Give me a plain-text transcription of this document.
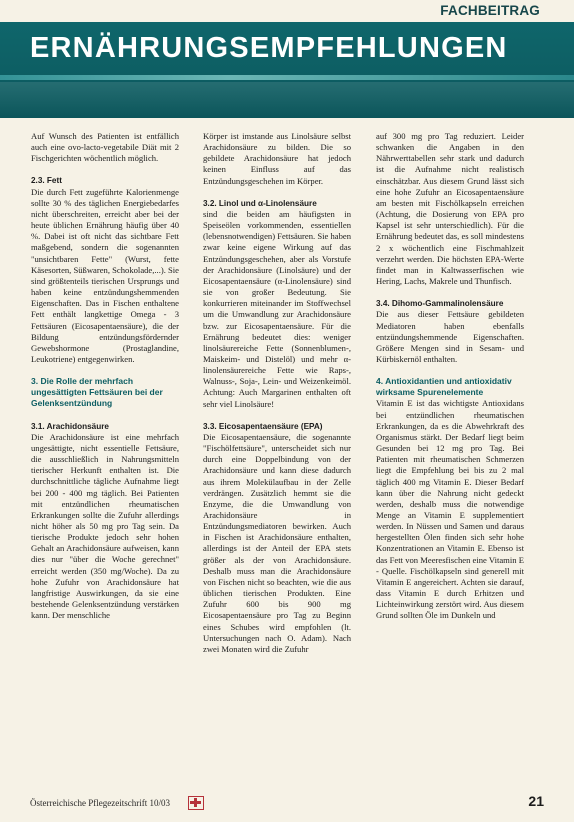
FACHBEITRAG
ERNÄHRUNGSEMPFEHLUNGEN

Auf Wunsch des Patienten ist entfällich auch eine ovo-lacto-vegetabile Diät mit 2 Fischgerichten wöchentlich möglich.

2.3. Fett

Die durch Fett zugeführte Kalorienmenge sollte 30 % des täglichen Energiebedarfes nicht überschreiten, erreicht aber bei der heute üblichen Ernährung häufig über 40 %. Dabei ist oft nicht das sichtbare Fett maßgebend, sondern die sogenannten "unsichtbaren Fette" (Wurst, fette Käsesorten, Süßwaren, Schokolade,...). Sie sind größtenteils tierischen Ursprungs und haben keine entzündungshemmenden Eigenschaften. Das in Fischen enthaltene Fett enthält langkettige Omega - 3 Fettsäuren (Eicosapentaensäure), die der Bildung entzündungsfördernder Gewebshormone (Prostaglandine, Leukotriene) entgegenwirken.

3. Die Rolle der mehrfach ungesättigten Fettsäuren bei der Gelenksentzündung
3.1. Arachidonsäure

Die Arachidonsäure ist eine mehrfach ungesättigte, nicht essentielle Fettsäure, die ausschließlich in Nahrungsmitteln tierischer Herkunft enthalten ist. Die durchschnittliche tägliche Aufnahme liegt bei 200 - 400 mg täglich. Bei Patienten mit entzündlichen rheumatischen Erkrankungen sollte die Zufuhr allerdings nicht höher als 50 mg pro Tag sein. Da tierische Produkte jedoch sehr hohen Gehalt an Arachidonsäure aufweisen, kann dies nur "über die Woche gerechnet" erreicht werden (350 mg/Woche). Da zu hohe Zufuhr von Arachidonsäure hat langfristige Auswirkungen, da sie eine bestehende Gelenksentzündung verstärken kann. Der menschliche

Körper ist imstande aus Linolsäure selbst Arachidonsäure zu bilden. Die so gebildete Arachidonsäure hat jedoch keinen Einfluss auf das Entzündungsgeschehen im Körper.

3.2. Linol und α-Linolensäure

sind die beiden am häufigsten in Speiseölen vorkommenden, essentiellen (lebensnotwendigen) Fettsäuren. Sie haben zwar keine eigene Wirkung auf das Entzündungsgeschehen, aber als Vorstufe der Arachidonsäure (Linolsäure) und der Eicosapentaensäure (α-Linolensäure) sind sie von großer Bedeutung. Sie konkurrieren miteinander im Stoffwechsel um die Umwandlung zur Arachidonsäure bzw. zur Eicosapentaensäure. Für die Ernährung bedeutet dies: weniger linolsäurereiche Fette (Sonnenblumen-, Maiskeim- und Distelöl) und mehr α-linolensäurereiche Fette wie Raps-, Walnuss-, Soja-, Lein- und Weizenkeimöl. Achtung: Auch Margarinen enthalten oft sehr viel Linolsäure!

3.3. Eicosapentaensäure (EPA)

Die Eicosapentaensäure, die sogenannte "Fischölfettsäure", unterscheidet sich nur durch eine Doppelbindung von der Arachidonsäure und kann diese dadurch aus ihrem Molekülaufbau in der Zelle verdrängen. Zusätzlich hemmt sie die Enzyme, die die Umwandlung von Arachidonsäure in Entzündungsmediatoren bewirken. Auch in Fischen ist Arachidonsäure enthalten, allerdings ist der Anteil der EPA stets größer als der von Arachidonsäure. Deshalb muss man die Arachidonsäure von Fischen nicht so beachten, wie die aus üblichen tierischen Produkten. Eine Zufuhr 600 bis 900 mg Eicosapentaensäure pro Tag zu Beginn eines Schubes wird empfohlen (lt. Untersuchungen nach O. Adam). Nach zwei Monaten wird die Zufuhr

auf 300 mg pro Tag reduziert. Leider schwanken die Angaben in den Nährwerttabellen sehr stark und dadurch ist die Aufnahme nicht realistisch einschätzbar. Aus diesem Grund lässt sich eine hohe Zufuhr an Eicosapentaensäure am besten mit Fischölkapseln erreichen (Achtung, die Dosierung von EPA pro Kapsel ist sehr unterschiedlich). Für die Ernährung bedeutet das, es soll mindestens 2 x wöchentlich eine Fischmahlzeit verzehrt werden. Die höchsten EPA-Werte findet man in Kaltwasserfischen wie Hering, Lachs, Makrele und Thunfisch.

3.4. Dihomo-Gammalinolensäure

Die aus dieser Fettsäure gebildeten Mediatoren haben ebenfalls entzündungshemmende Eigenschaften. Größere Mengen sind in Sesam- und Kürbiskernöl enthalten.

4. Antioxidantien und antioxidativ wirksame Spurenelemente

Vitamin E ist das wichtigste Antioxidans bei entzündlichen rheumatischen Erkrankungen, da es die Abwehrkraft des Organismus stärkt. Der Bedarf liegt beim Gesunden bei 12 mg pro Tag. Bei Patienten mit rheumatischen Schmerzen liegt die Empfehlung bei bis zu 2 mal täglich 400 mg Vitamin E. Dieser Bedarf kann über die Nahrung nicht gedeckt werden, deshalb muss die notwendige Menge an Vitamin E supplementiert werden. In Nüssen und Samen und daraus hergestellten Ölen finden sich sehr hohe Konzentrationen an Vitamin E. Ebenso ist das Fett von Meeresfischen eine Vitamin E - Quelle. Fischölkapseln sind generell mit Vitamin E angereichert. Achten sie darauf, dass Vitamin E durch Erhitzen und Lichteinwirkung zerstört wird. Aus diesem Grund sollten Öle im Dunkeln und

Österreichische Pflegezeitschrift 10/03	21
